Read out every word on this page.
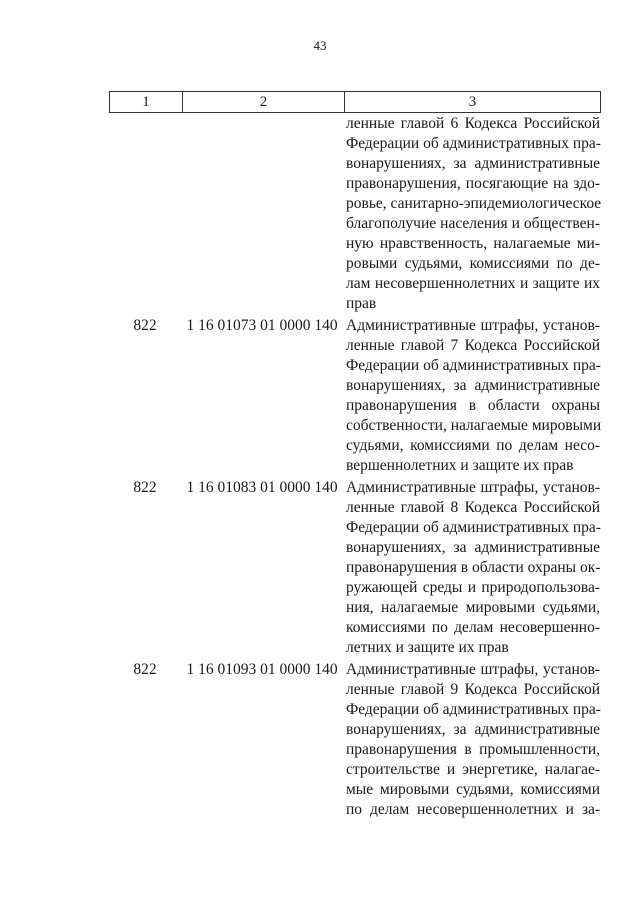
43
1	2	3
ленные главой 6 Кодекса Российской
Федерации об административных пра-
вонарушениях, за административные
правонарушения, посягающие на здо-
ровье, санитарно-эпидемиологическое
благополучие населения и обществен-
ную нравственность, налагаемые ми-
ровыми судьями, комиссиями по де-
лам несовершеннолетних и защите их
прав
822	1 16 01073 01 0000 140 Административные штрафы, установ-
ленные главой 7 Кодекса Российской
Федерации об административных пра-
вонарушениях, за административные
правонарушения в области охраны
собственности, налагаемые мировыми
судьями, комиссиями по делам несо-
вершеннолетних и защите их прав
822	1 16 01083 01 0000 140 Административные штрафы, установ-
ленные главой 8 Кодекса Российской
Федерации об административных пра-
вонарушениях, за административные
правонарушения в области охраны ок-
ружающей среды и природопользова-
ния, налагаемые мировыми судьями,
комиссиями по делам несовершенно-
летних и защите их прав
822	1 16 01093 01 0000 140 Административные штрафы, установ-
ленные главой 9 Кодекса Российской
Федерации об административных пра-
вонарушениях, за административные
правонарушения в промышленности,
строительстве и энергетике, налагае-
мые мировыми судьями, комиссиями
по делам несовершеннолетних и за-
